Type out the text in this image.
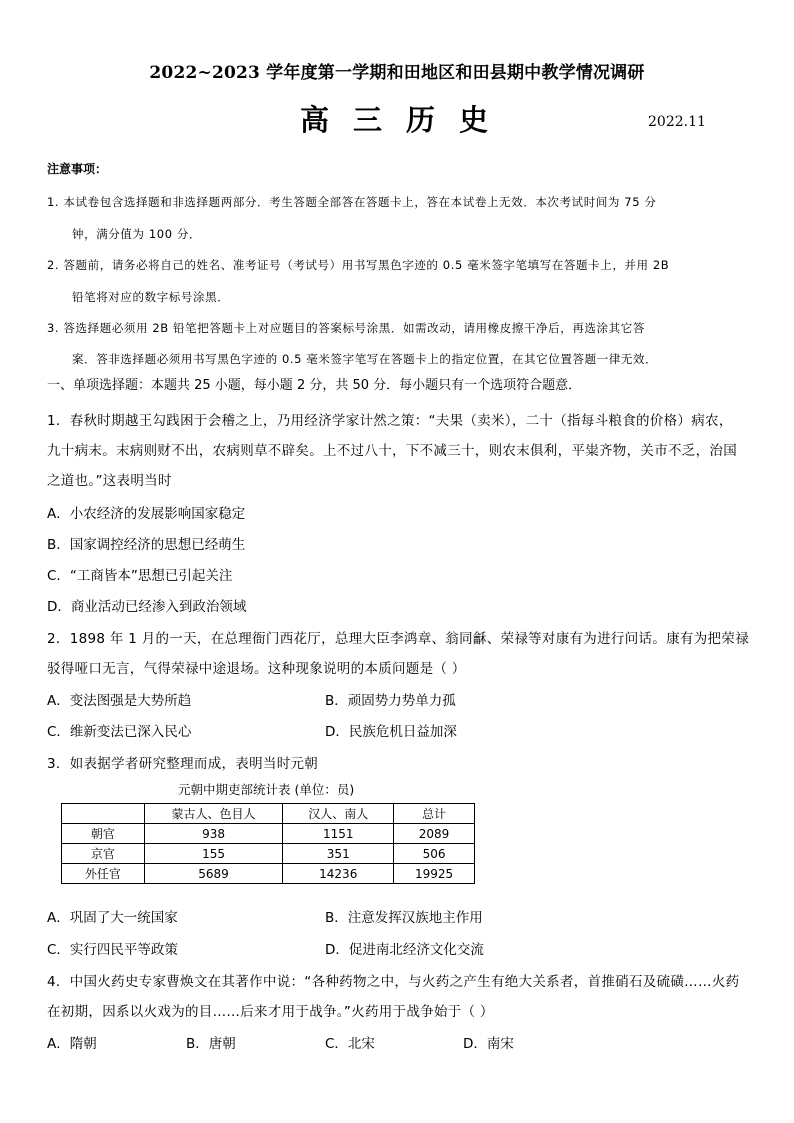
2022~2023 学年度第一学期和田地区和田县期中教学情况调研
高三历史	2022.11
注意事项：
1. 本试卷包含选择题和非选择题两部分．考生答题全部答在答题卡上，答在本试卷上无效．本次考试时间为 75 分
钟，满分值为 100 分．
2. 答题前，请务必将自己的姓名、准考证号（考试号）用书写黑色字迹的 0.5 毫米签字笔填写在答题卡上，并用 2B
铅笔将对应的数字标号涂黑．
3. 答选择题必须用 2B 铅笔把答题卡上对应题目的答案标号涂黑．如需改动，请用橡皮擦干净后，再选涂其它答
案．答非选择题必须用书写黑色字迹的 0.5 毫米签字笔写在答题卡上的指定位置，在其它位置答题一律无效．
一、单项选择题：本题共 25 小题，每小题 2 分，共 50 分．每小题只有一个选项符合题意．
1．春秋时期越王勾践困于会稽之上，乃用经济学家计然之策：“夫果（卖米），二十（指每斗粮食的价格）病农，
九十病末。末病则财不出，农病则草不辟矣。上不过八十，下不减三十，则农末俱利，平粜齐物，关市不乏，治国
之道也。”这表明当时
A．小农经济的发展影响国家稳定
B．国家调控经济的思想已经萌生
C．“工商皆本”思想已引起关注
D．商业活动已经渗入到政治领域
2．1898 年 1 月的一天，在总理衙门西花厅，总理大臣李鸿章、翁同龢、荣禄等对康有为进行问话。康有为把荣禄
驳得哑口无言，气得荣禄中途退场。这种现象说明的本质问题是（ ）
A．变法图强是大势所趋	B．顽固势力势单力孤
C．维新变法已深入民心	D．民族危机日益加深
3．如表据学者研究整理而成，表明当时元朝
元朝中期吏部统计表 (单位：员)
	蒙古人、色目人	汉人、南人	总计
朝官	938	1151	2089
京官	155	351	506
外任官	5689	14236	19925
A．巩固了大一统国家	B．注意发挥汉族地主作用
C．实行四民平等政策	D．促进南北经济文化交流
4．中国火药史专家曹焕文在其著作中说：“各种药物之中，与火药之产生有绝大关系者，首推硝石及硫磺……火药
在初期，因系以火戏为的目……后来才用于战争。”火药用于战争始于（ ）
A．隋朝	B．唐朝	C．北宋	D．南宋
